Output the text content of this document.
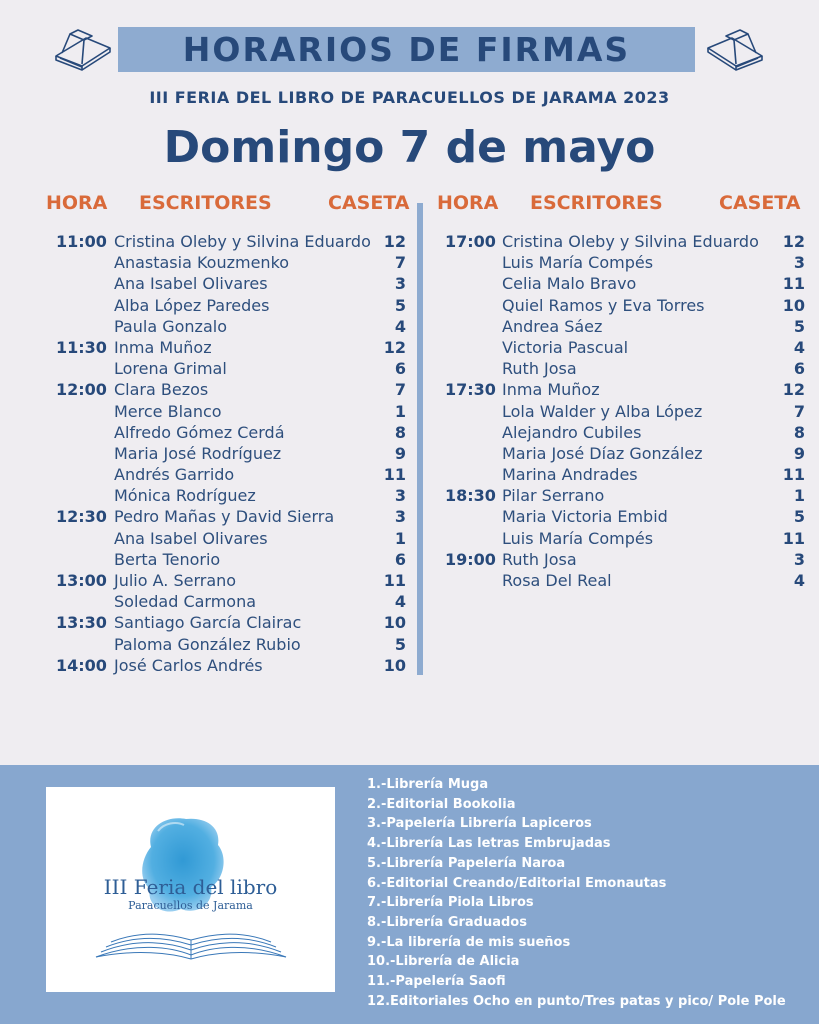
HORARIOS DE FIRMAS
III FERIA DEL LIBRO DE PARACUELLOS DE JARAMA 2023
Domingo 7 de mayo
HORA ESCRITORES	CASETA HORA ESCRITORES	CASETA
11:00 Cristina Oleby y Silvina Eduardo 12
Anastasia Kouzmenko	7
Ana Isabel Olivares	3
Alba López Paredes	5
Paula Gonzalo	4
11:30 Inma Muñoz	12
Lorena Grimal	6
12:00 Clara Bezos	7
Merce Blanco	1
Alfredo Gómez Cerdá	8
Maria José Rodríguez	9
Andrés Garrido	11
Mónica Rodríguez	3
12:30 Pedro Mañas y David Sierra	3
Ana Isabel Olivares	1
Berta Tenorio	6
13:00 Julio A. Serrano	11
Soledad Carmona	4
13:30 Santiago García Clairac	10
Paloma González Rubio	5
14:00 José Carlos Andrés	10
17:00 Cristina Oleby y Silvina Eduardo	12
Luis María Compés	3
Celia Malo Bravo	11
Quiel Ramos y Eva Torres	10
Andrea Sáez	5
Victoria Pascual	4
Ruth Josa	6
17:30 Inma Muñoz	12
Lola Walder y Alba López	7
Alejandro Cubiles	8
Maria José Díaz González	9
Marina Andrades	11
18:30 Pilar Serrano	1
Maria Victoria Embid	5
Luis María Compés	11
19:00 Ruth Josa	3
Rosa Del Real	4
III Feria del libro
Paracuellos de Jarama
1.-Librería Muga
2.-Editorial Bookolia
3.-Papelería Librería Lapiceros
4.-Librería Las letras Embrujadas
5.-Librería Papelería Naroa
6.-Editorial Creando/Editorial Emonautas
7.-Librería Piola Libros
8.-Librería Graduados
9.-La librería de mis sueños
10.-Librería de Alicia
11.-Papelería Saofi
12.Editoriales Ocho en punto/Tres patas y pico/ Pole Pole
